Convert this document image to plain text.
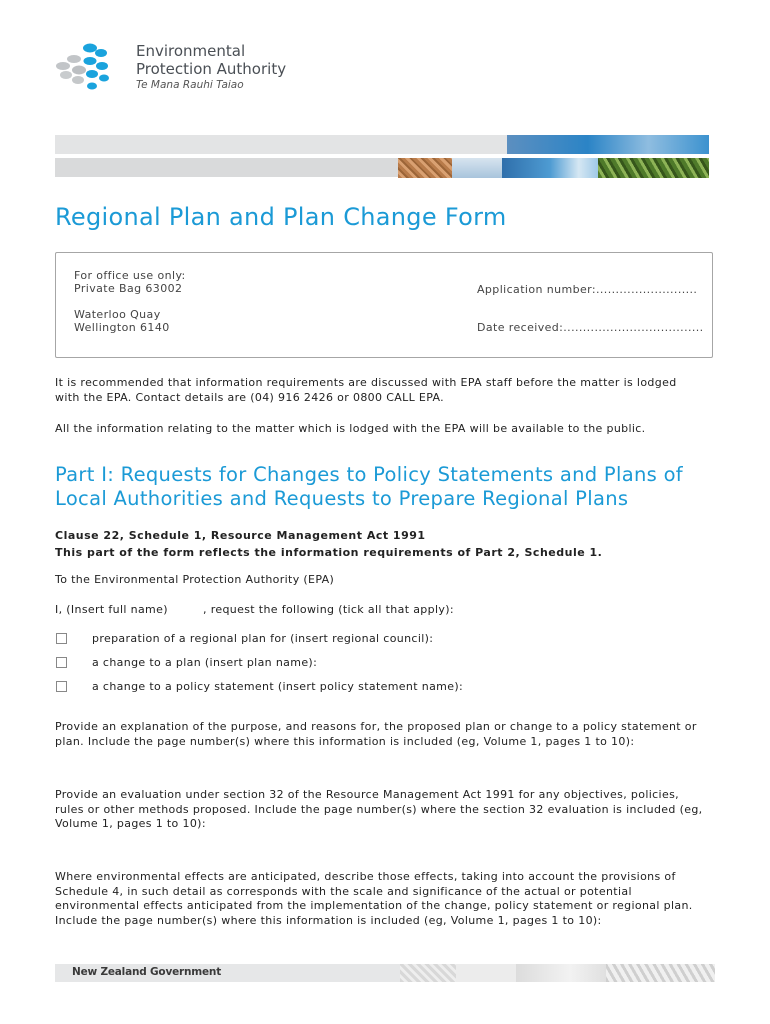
Environmental
Protection Authority
Te Mana Rauhi Taiao
Regional Plan and Plan Change Form
For office use only:
Private Bag 63002
Waterloo Quay
Wellington 6140
Application number:..........................
Date received:....................................
It is recommended that information requirements are discussed with EPA staff before the matter is lodged
with the EPA. Contact details are (04) 916 2426 or 0800 CALL EPA.
All the information relating to the matter which is lodged with the EPA will be available to the public.
Part I: Requests for Changes to Policy Statements and Plans of
Local Authorities and Requests to Prepare Regional Plans
Clause 22, Schedule 1, Resource Management Act 1991
This part of the form reflects the information requirements of Part 2, Schedule 1.
To the Environmental Protection Authority (EPA)
I, (Insert full name)	, request the following (tick all that apply):
preparation of a regional plan for (insert regional council):
a change to a plan (insert plan name):
a change to a policy statement (insert policy statement name):
Provide an explanation of the purpose, and reasons for, the proposed plan or change to a policy statement or
plan. Include the page number(s) where this information is included (eg, Volume 1, pages 1 to 10):
Provide an evaluation under section 32 of the Resource Management Act 1991 for any objectives, policies,
rules or other methods proposed. Include the page number(s) where the section 32 evaluation is included (eg,
Volume 1, pages 1 to 10):
Where environmental effects are anticipated, describe those effects, taking into account the provisions of
Schedule 4, in such detail as corresponds with the scale and significance of the actual or potential
environmental effects anticipated from the implementation of the change, policy statement or regional plan.
Include the page number(s) where this information is included (eg, Volume 1, pages 1 to 10):
New Zealand Government
